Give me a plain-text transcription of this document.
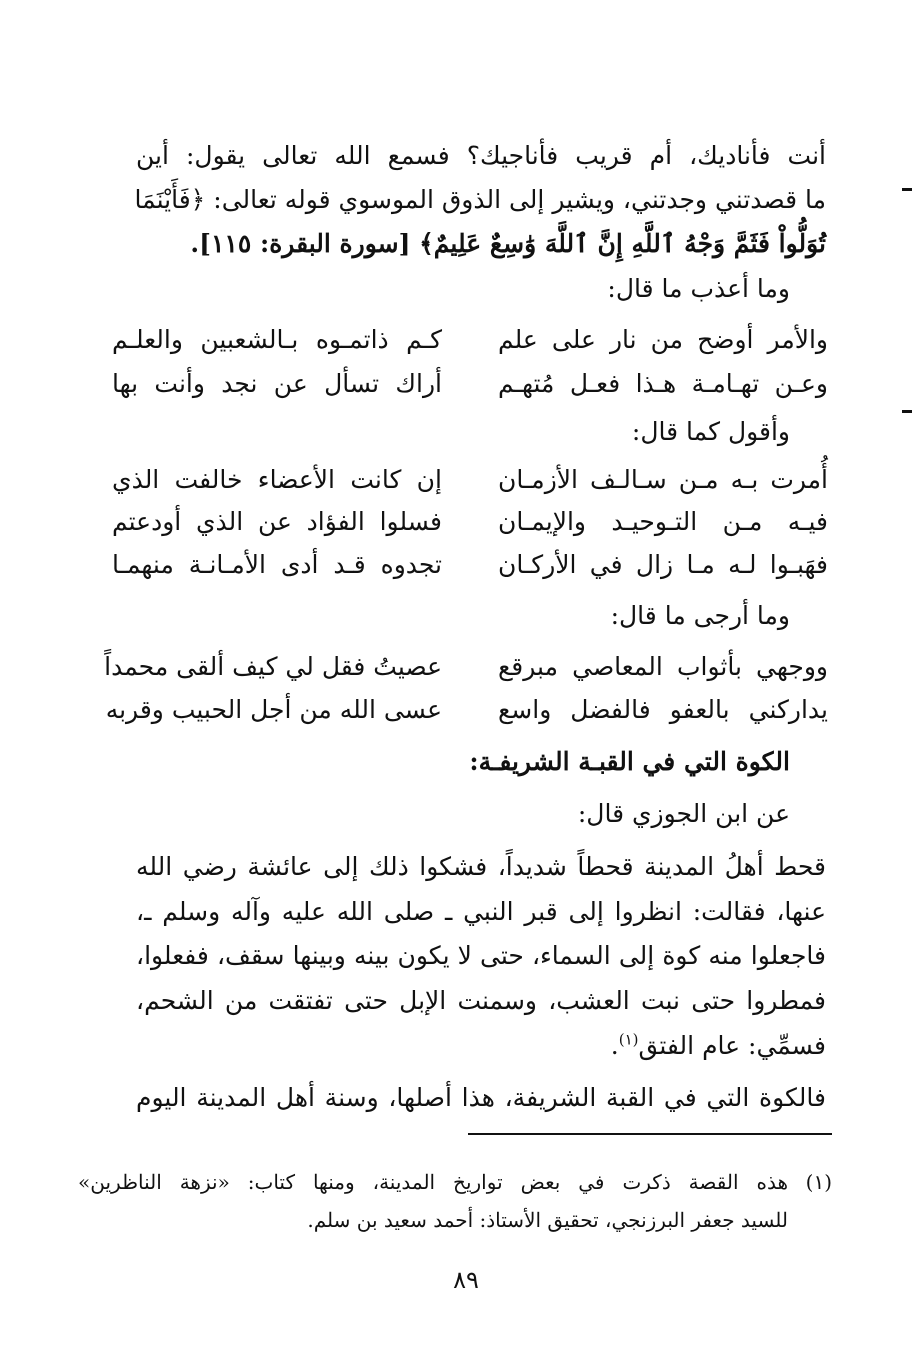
أنت فأناديك، أم قريب فأناجيك؟ فسمع الله تعالى يقول: أين
ما قصدتني وجدتني، ويشير إلى الذوق الموسوي قوله تعالى: ﴿فَأَيْنَمَا
تُوَلُّواْ فَثَمَّ وَجْهُ ٱللَّهِ إِنَّ ٱللَّهَ وَٰسِعٌ عَلِيمٌ﴾ [سورة البقرة: ١١٥].
وما أعذب ما قال:
كـم ذاتمـوه بـالشعبين والعلـم والأمر أوضح من نار على علم
أراك تسأل عن نجد وأنت بها وعـن تهـامـة هـذا فعـل مُتهـم
وأقول كما قال:
إن كانت الأعضاء خالفت الذي أُمرت بـه مـن سـالـف الأزمـان
فسلوا الفؤاد عن الذي أودعتم فيـه مـن التـوحيـد والإيمـان
تجدوه قـد أدى الأمـانـة منهمـا فهَبـوا لـه مـا زال في الأركـان
وما أرجى ما قال:
عصيتُ فقل لي كيف ألقى محمداً ووجهي بأثواب المعاصي مبرقع
عسى الله من أجل الحبيب وقربه يداركني بالعفو فالفضل واسع
الكوة التي في القبـة الشريفـة:
عن ابن الجوزي قال:
قحط أهلُ المدينة قحطاً شديداً، فشكوا ذلك إلى عائشة رضي الله
عنها، فقالت: انظروا إلى قبر النبي ـ صلى الله عليه وآله وسلم ـ،
فاجعلوا منه كوة إلى السماء، حتى لا يكون بينه وبينها سقف، ففعلوا،
فمطروا حتى نبت العشب، وسمنت الإبل حتى تفتقت من الشحم،
فسمِّي: عام الفتق$^{(١)}$.
فالكوة التي في القبة الشريفة، هذا أصلها، وسنة أهل المدينة اليوم
(١)
هذه القصة ذكرت في بعض تواريخ المدينة، ومنها كتاب: «نزهة الناظرين»
للسيد جعفر البرزنجي، تحقيق الأستاذ: أحمد سعيد بن سلم.
٨٩
